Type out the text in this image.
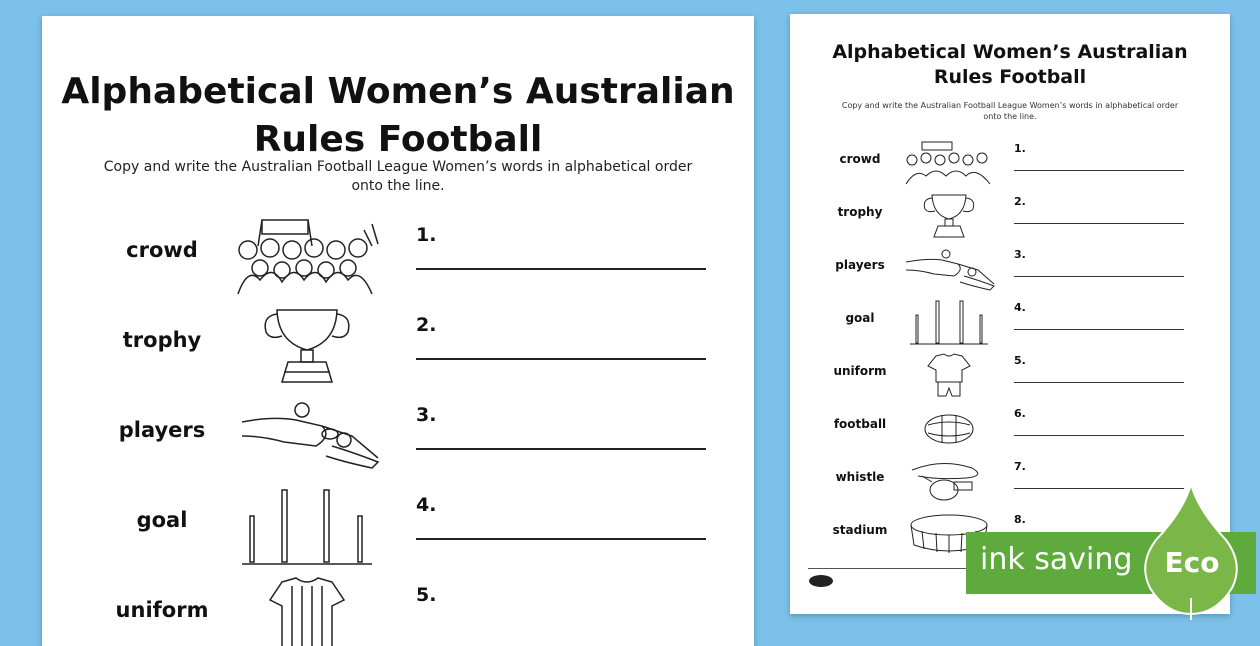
Alphabetical Women’s Australian
Rules Football
Copy and write the Australian Football League Women’s words in alphabetical order
onto the line.
crowd
1.
trophy
2.
players
3.
goal
4.
uniform
5.
Alphabetical Women’s Australian
Rules Football
Copy and write the Australian Football League Women’s words in alphabetical order
onto the line.
crowd
1.
trophy
2.
players
3.
goal
4.
uniform
5.
football
6.
whistle
7.
stadium
8.
ink saving Eco
